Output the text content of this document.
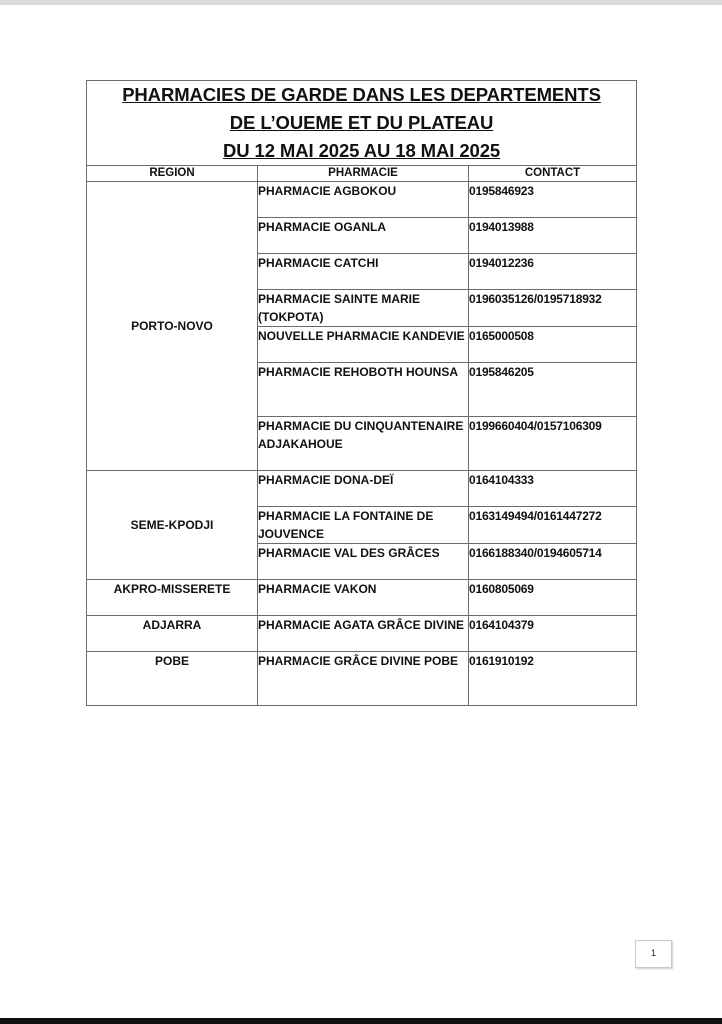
PHARMACIES DE GARDE DANS LES DEPARTEMENTS
DE L’OUEME ET DU PLATEAU
DU 12 MAI 2025 AU 18 MAI 2025		

REGION	PHARMACIE	CONTACT
PORTO-NOVO	PHARMACIE AGBOKOU	0195846923
	PHARMACIE OGANLA	0194013988
	PHARMACIE CATCHI	0194012236
	PHARMACIE SAINTE MARIE (TOKPOTA)	0196035126/0195718932
	NOUVELLE PHARMACIE KANDEVIE	0165000508
	PHARMACIE REHOBOTH HOUNSA	0195846205
	PHARMACIE DU CINQUANTENAIRE ADJAKAHOUE	0199660404/0157106309
SEME-KPODJI	PHARMACIE DONA-DEÏ	0164104333
	PHARMACIE LA FONTAINE DE JOUVENCE	0163149494/0161447272
	PHARMACIE VAL DES GRÂCES	0166188340/0194605714
AKPRO-MISSERETE	PHARMACIE VAKON	0160805069
ADJARRA	PHARMACIE AGATA GRÂCE DIVINE	0164104379
POBE	PHARMACIE GRÂCE DIVINE POBE	0161910192
1
